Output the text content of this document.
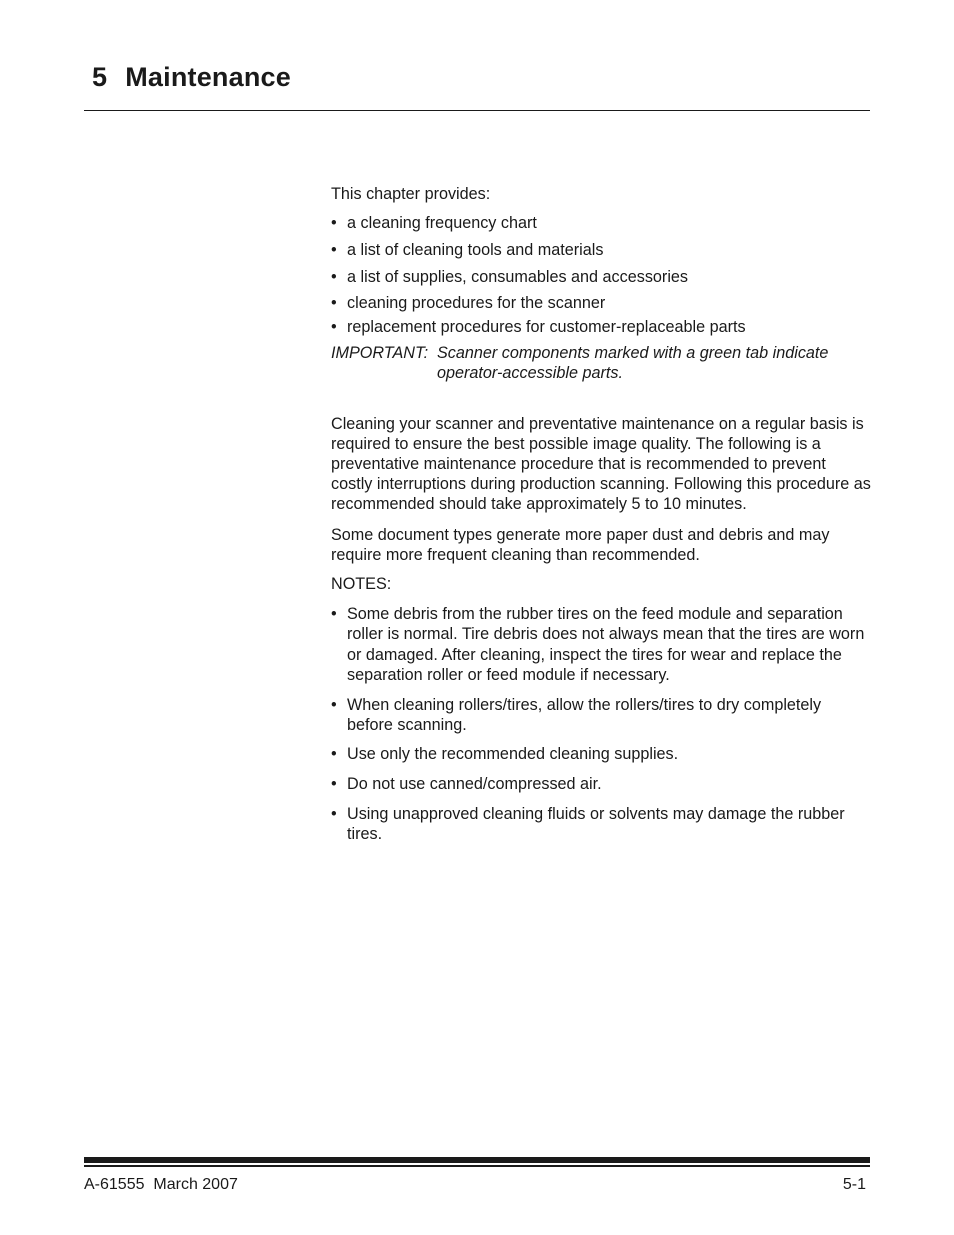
5 Maintenance

This chapter provides:

• a cleaning frequency chart
• a list of cleaning tools and materials
• a list of supplies, consumables and accessories
• cleaning procedures for the scanner
• replacement procedures for customer-replaceable parts
IMPORTANT: Scanner components marked with a green tab indicate operator-accessible parts.

Cleaning your scanner and preventative maintenance on a regular basis is required to ensure the best possible image quality. The following is a preventative maintenance procedure that is recommended to prevent costly interruptions during production scanning. Following this procedure as recommended should take approximately 5 to 10 minutes.

Some document types generate more paper dust and debris and may require more frequent cleaning than recommended.

NOTES:

• Some debris from the rubber tires on the feed module and separation roller is normal. Tire debris does not always mean that the tires are worn or damaged. After cleaning, inspect the tires for wear and replace the separation roller or feed module if necessary.
• When cleaning rollers/tires, allow the rollers/tires to dry completely before scanning.
• Use only the recommended cleaning supplies.
• Do not use canned/compressed air.
• Using unapproved cleaning fluids or solvents may damage the rubber tires.
A-61555  March 2007	5-1
